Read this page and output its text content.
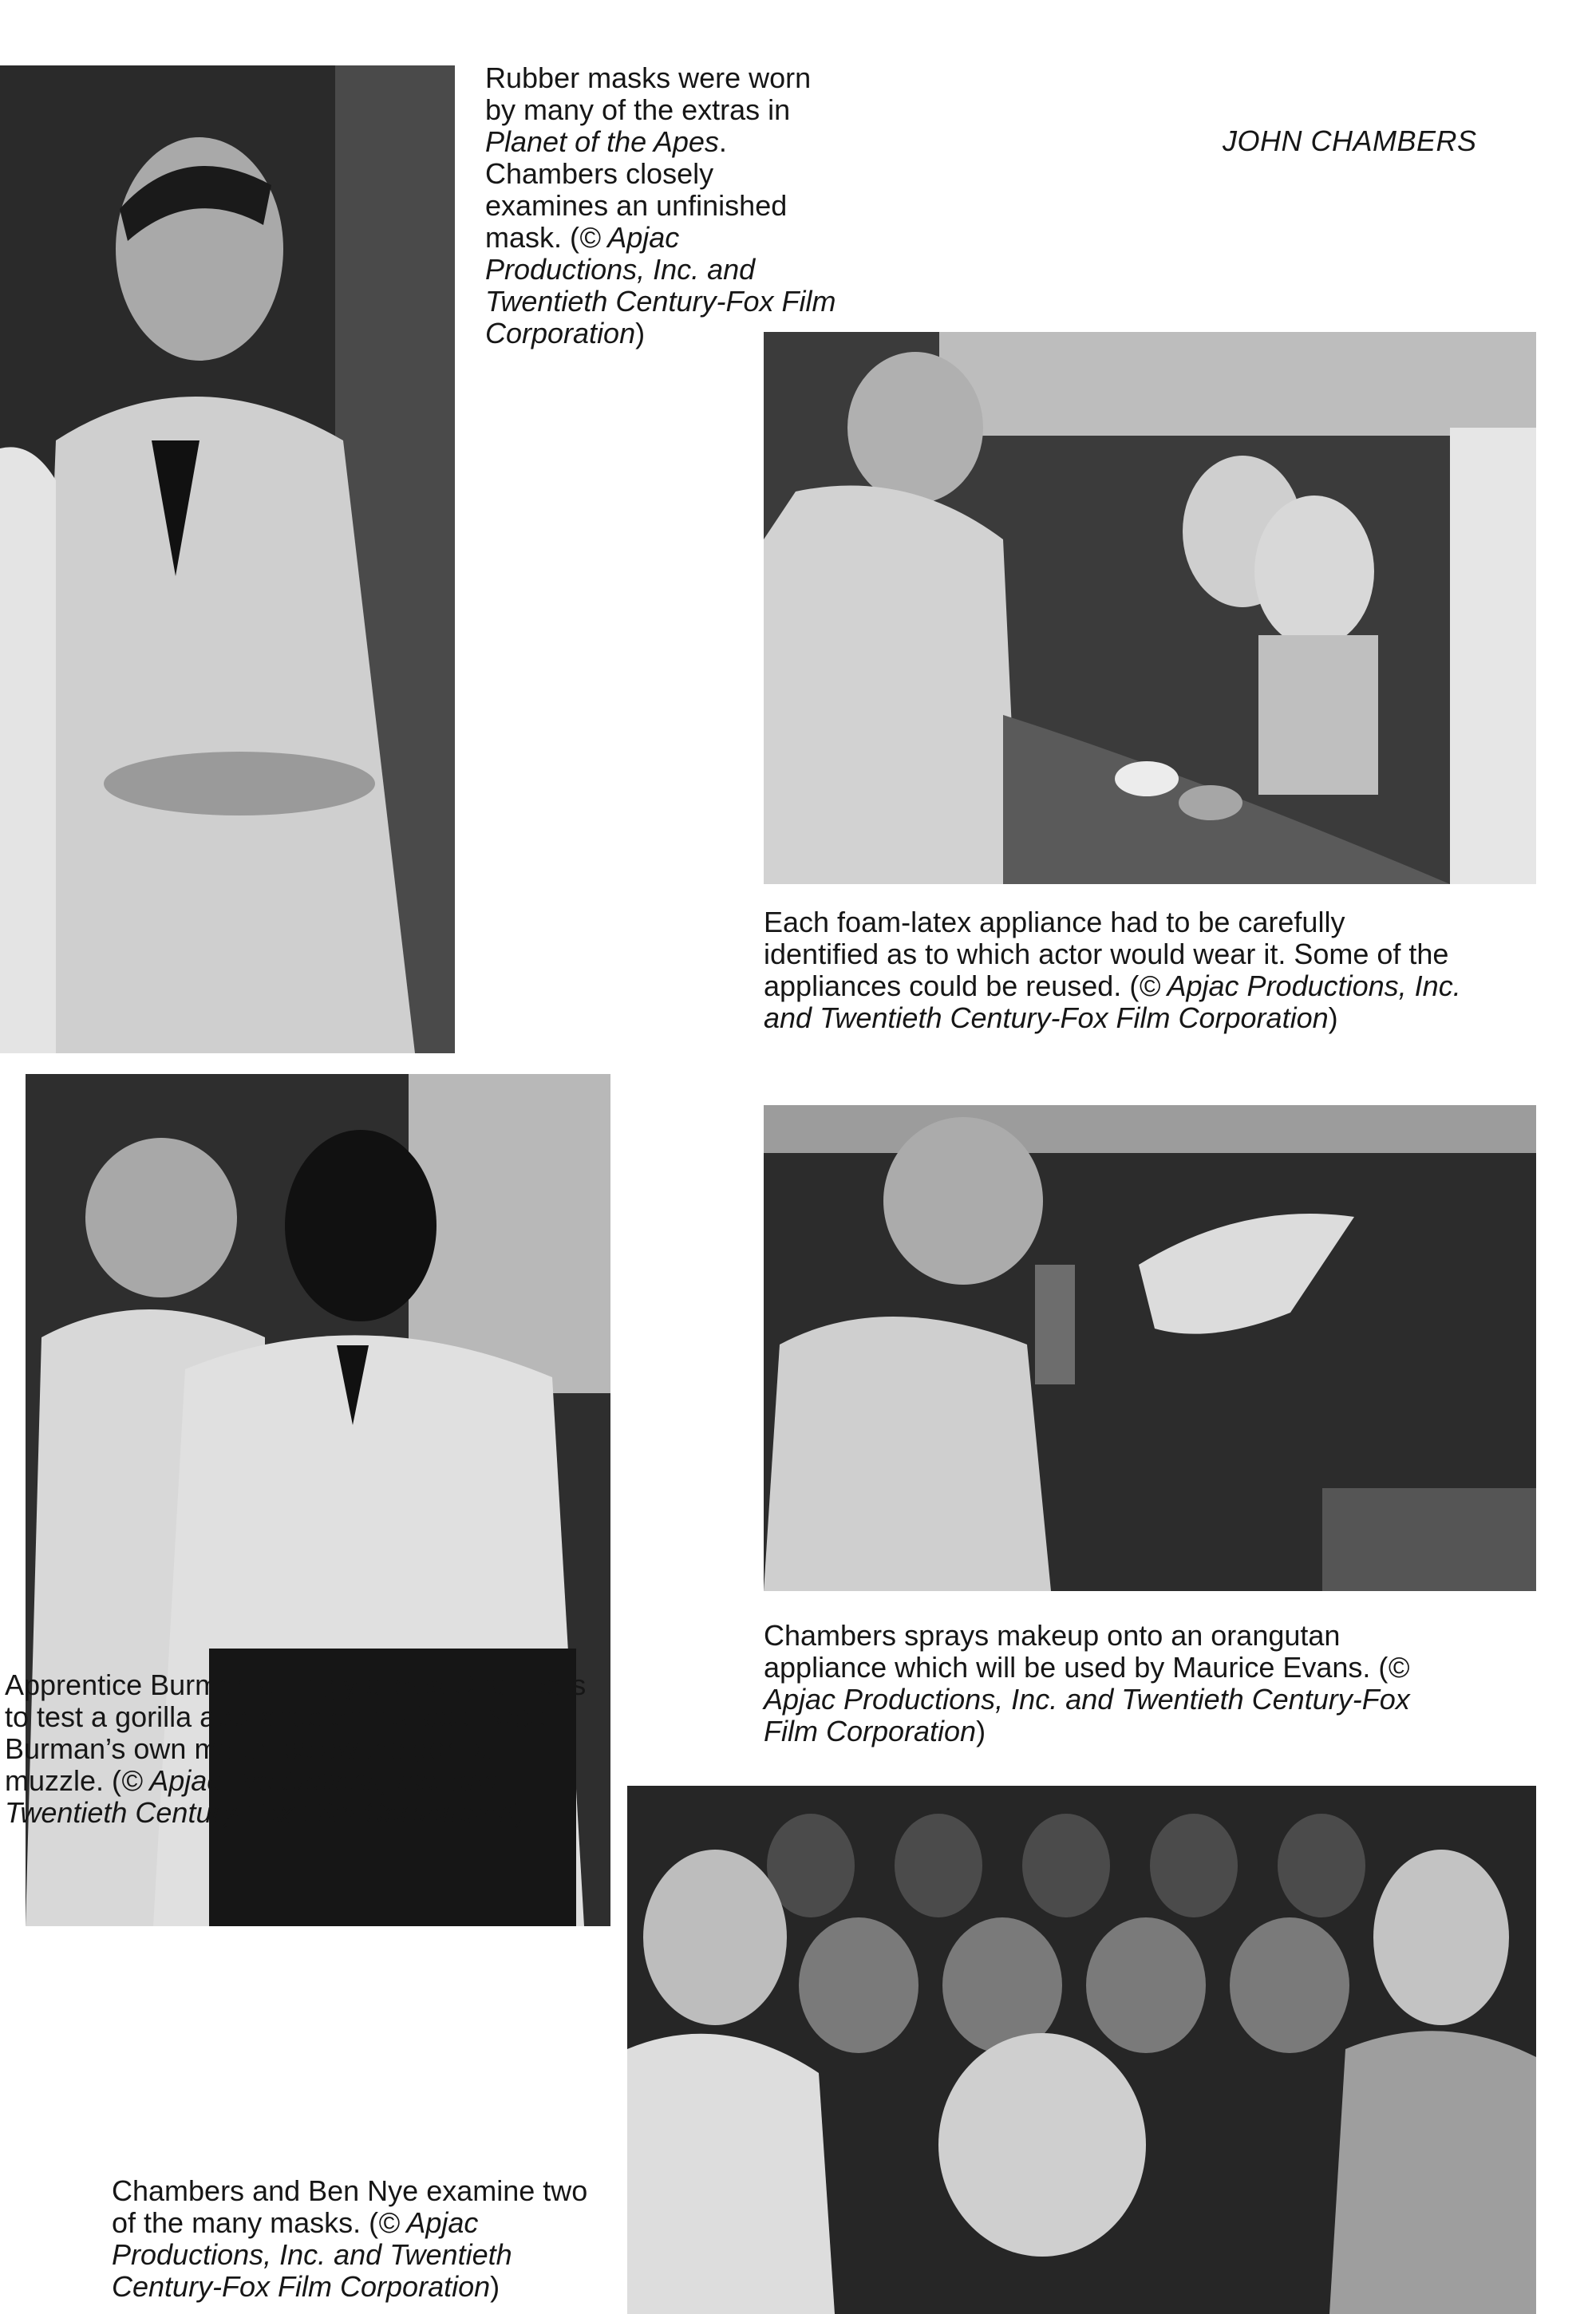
JOHN CHAMBERS
Rubber masks were worn by many of the extras in Planet of the Apes. Chambers closely examines an unfinished mask. (© Apjac Productions, Inc. and Twentieth Century-Fox Film Corporation)
Each foam-latex appliance had to be carefully identified as to which actor would wear it. Some of the appliances could be reused. (© Apjac Productions, Inc. and Twentieth Century-Fox Film Corporation)
Apprentice Burman willingly allows Chambers to test a gorilla appliance on his face. Note Burman’s own mouth below the gorilla muzzle. (© Apjac Productions, Inc. and Twentieth Century-Fox Film Corporation)
Chambers sprays makeup onto an orangutan appliance which will be used by Maurice Evans. (© Apjac Productions, Inc. and Twentieth Century-Fox Film Corporation)
Chambers and Ben Nye examine two of the many masks. (© Apjac Productions, Inc. and Twentieth Century-Fox Film Corporation)
